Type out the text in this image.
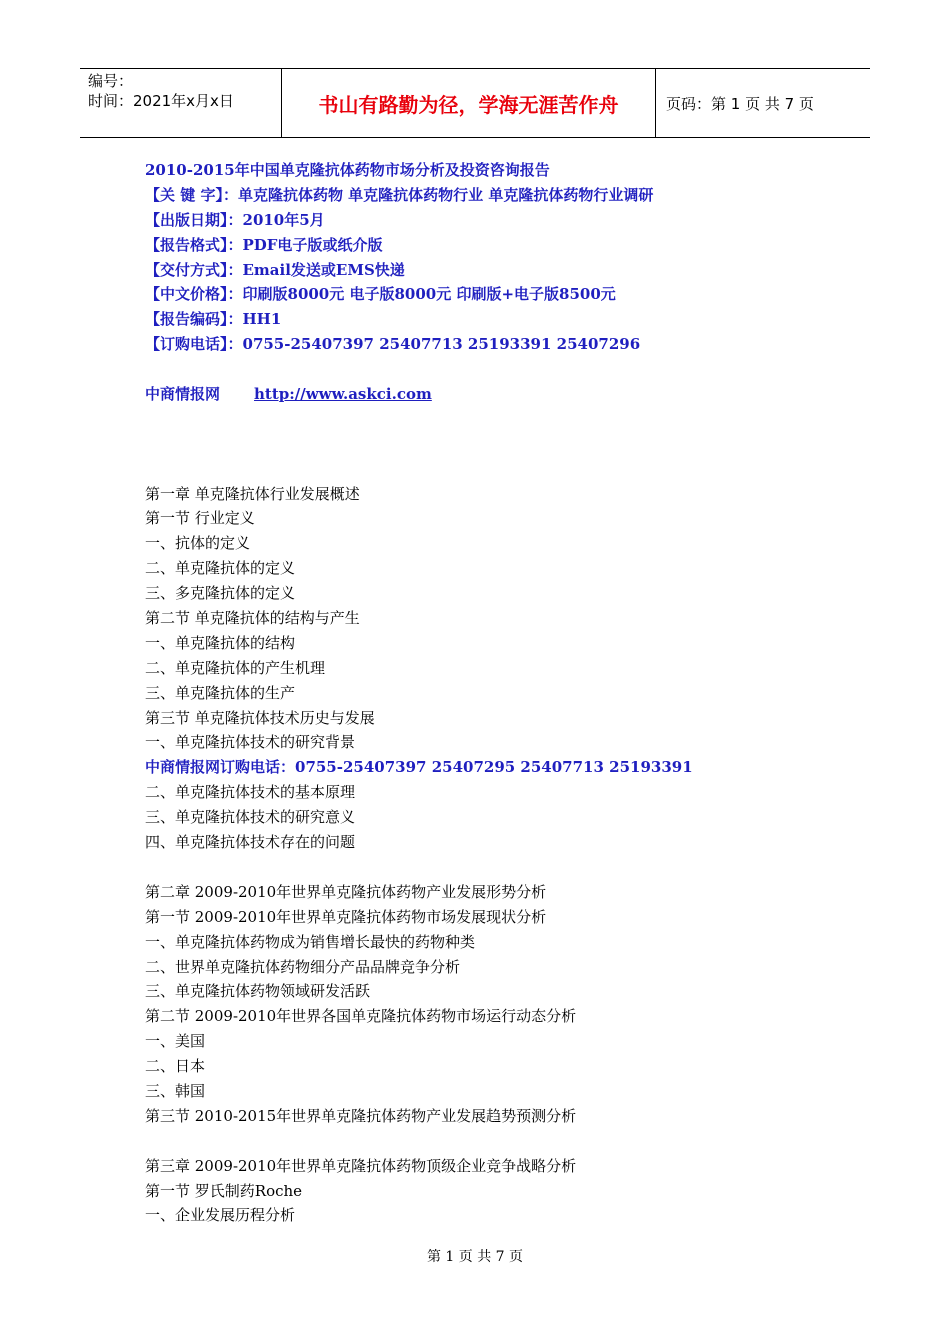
编号：
时间：2021年x月x日	书山有路勤为径，学海无涯苦作舟	页码：第 1 页 共 7 页
2010-2015年中国单克隆抗体药物市场分析及投资咨询报告
【关 键 字】：单克隆抗体药物 单克隆抗体药物行业 单克隆抗体药物行业调研
【出版日期】：2010年5月
【报告格式】：PDF电子版或纸介版
【交付方式】：Email发送或EMS快递
【中文价格】：印刷版8000元 电子版8000元 印刷版+电子版8500元
【报告编码】：HH1
【订购电话】：0755-25407397 25407713 25193391 25407296
中商情报网 http://www.askci.com
第一章 单克隆抗体行业发展概述
第一节 行业定义
一、抗体的定义
二、单克隆抗体的定义
三、多克隆抗体的定义
第二节 单克隆抗体的结构与产生
一、单克隆抗体的结构
二、单克隆抗体的产生机理
三、单克隆抗体的生产
第三节 单克隆抗体技术历史与发展
一、单克隆抗体技术的研究背景
中商情报网订购电话：0755-25407397 25407295 25407713 25193391
二、单克隆抗体技术的基本原理
三、单克隆抗体技术的研究意义
四、单克隆抗体技术存在的问题
第二章 2009-2010年世界单克隆抗体药物产业发展形势分析
第一节 2009-2010年世界单克隆抗体药物市场发展现状分析
一、单克隆抗体药物成为销售增长最快的药物种类
二、世界单克隆抗体药物细分产品品牌竞争分析
三、单克隆抗体药物领域研发活跃
第二节 2009-2010年世界各国单克隆抗体药物市场运行动态分析
一、美国
二、日本
三、韩国
第三节 2010-2015年世界单克隆抗体药物产业发展趋势预测分析
第三章 2009-2010年世界单克隆抗体药物顶级企业竞争战略分析
第一节 罗氏制药Roche
一、企业发展历程分析
第 1 页 共 7 页
